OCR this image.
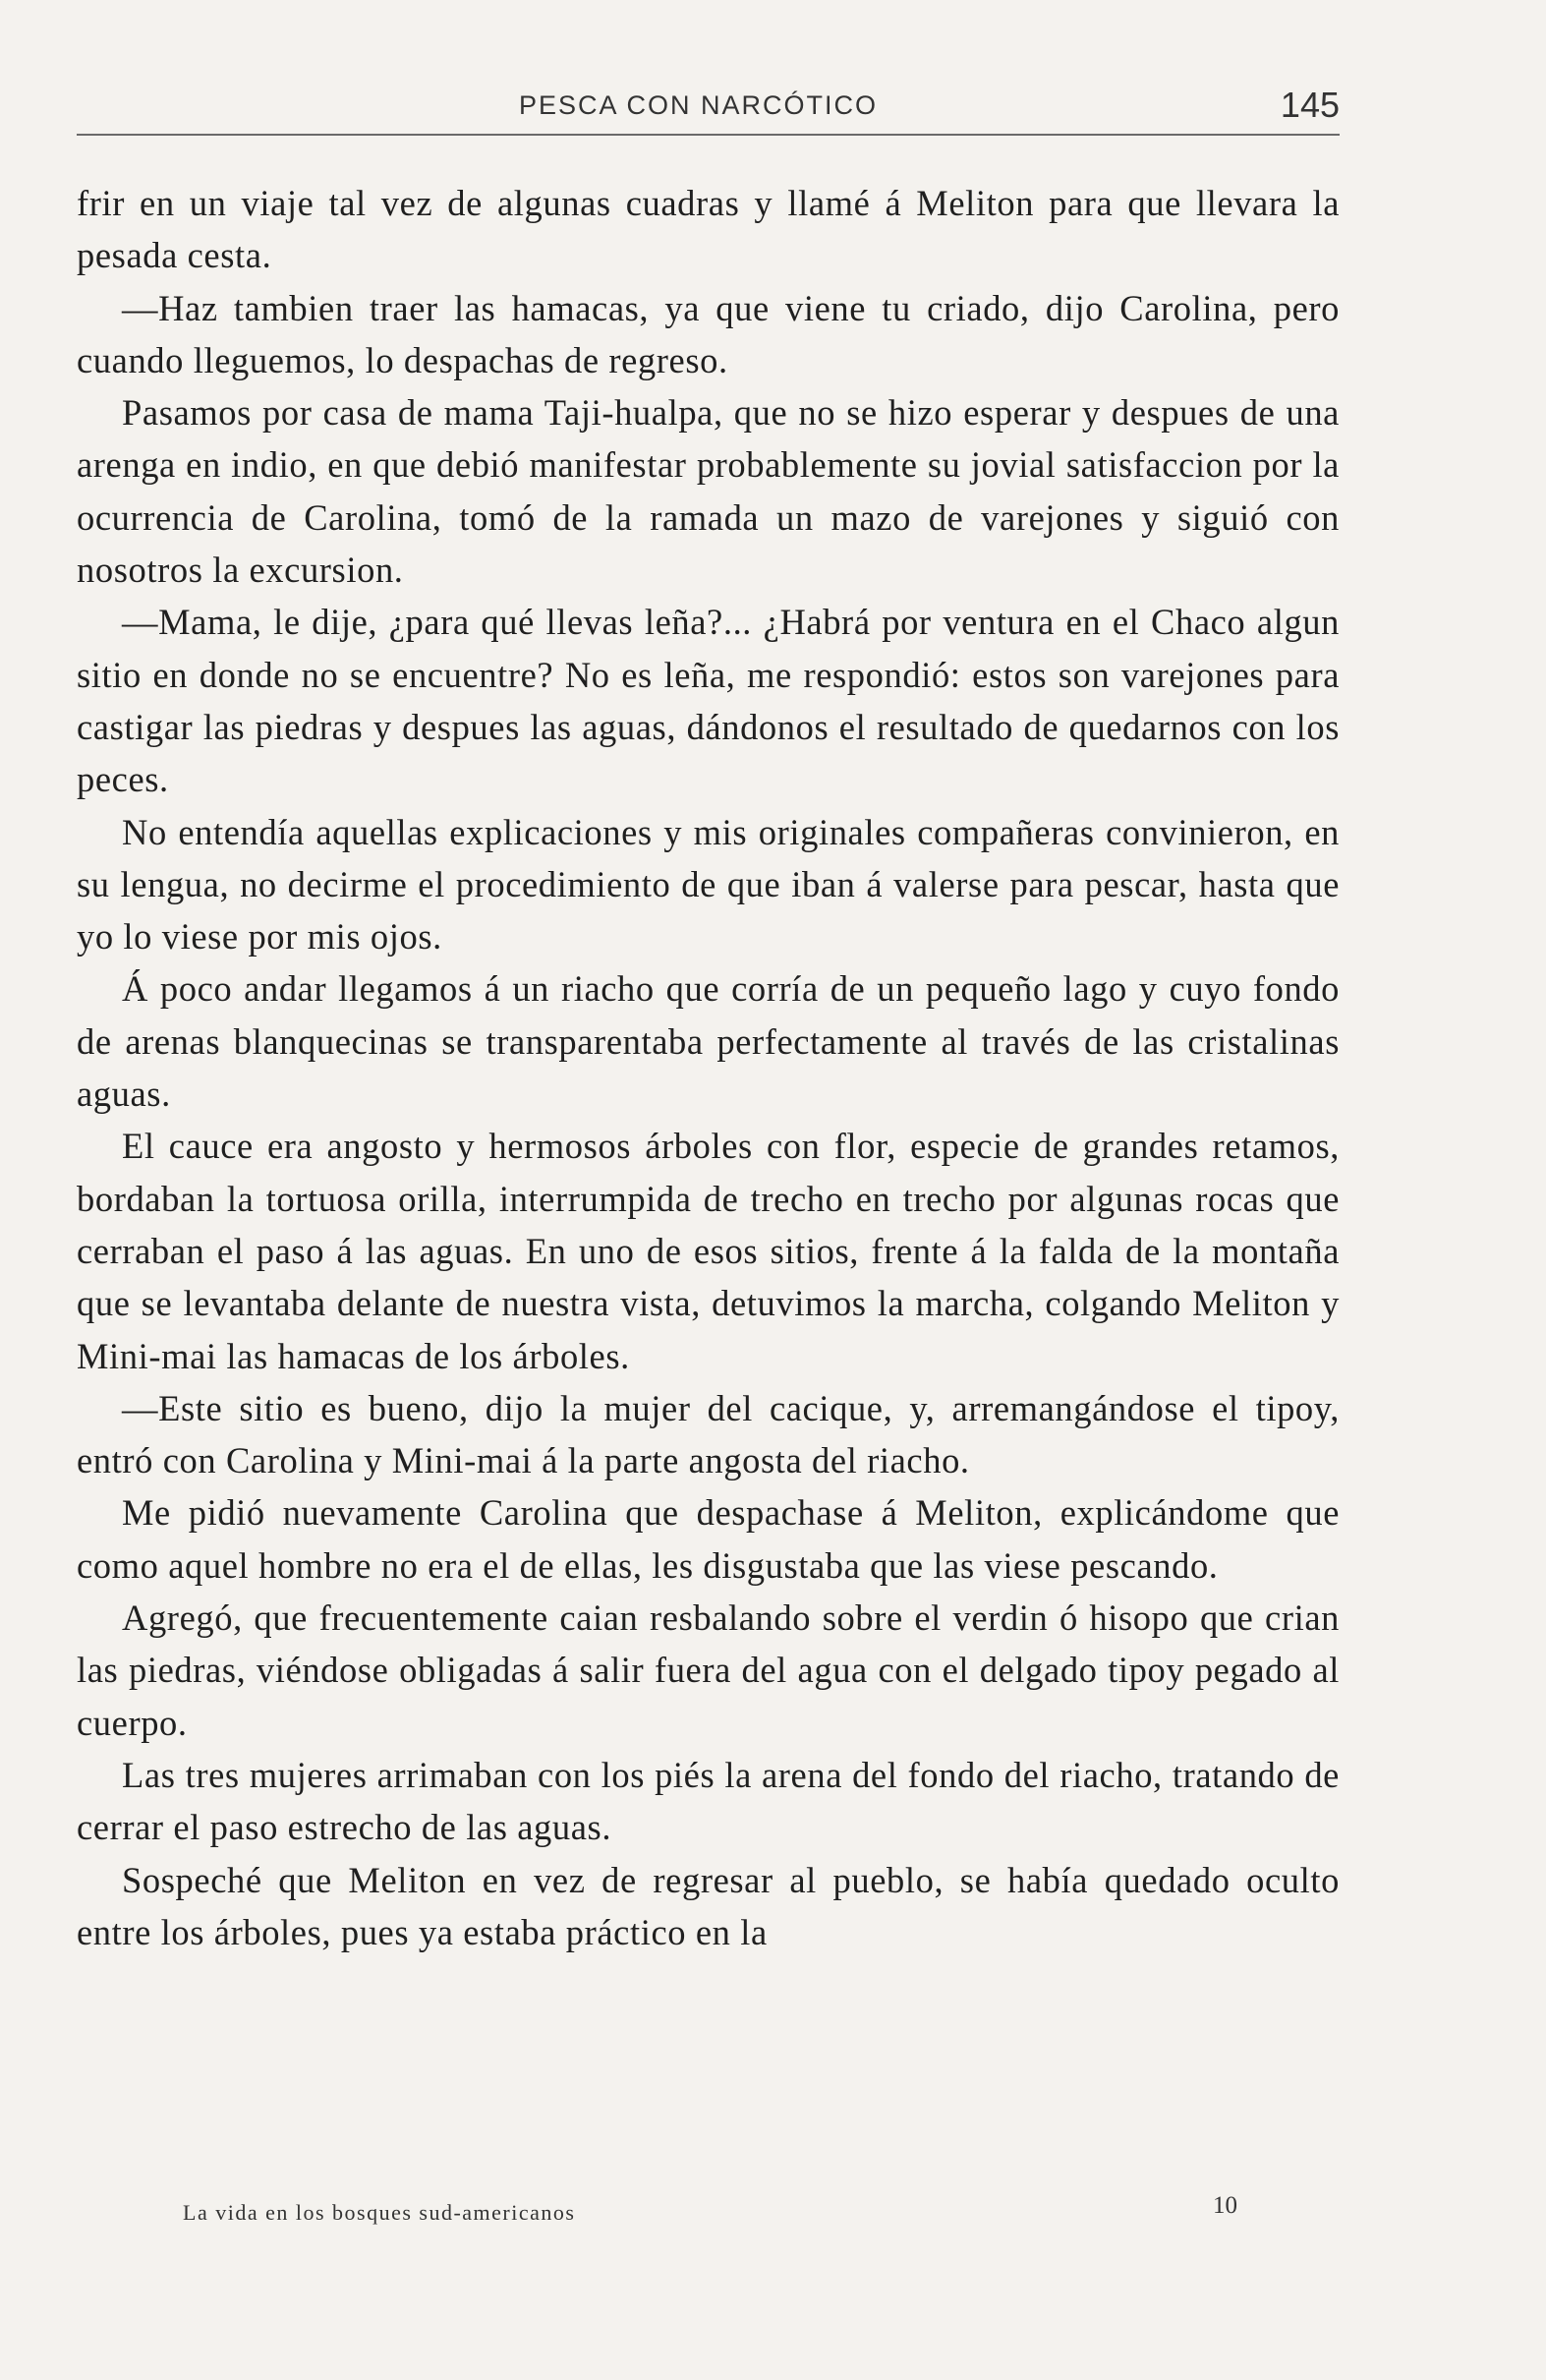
PESCA CON NARCÓTICO	145

frir en un viaje tal vez de algunas cuadras y llamé á Meliton para que llevara la pesada cesta.

—Haz tambien traer las hamacas, ya que viene tu criado, dijo Carolina, pero cuando lleguemos, lo despachas de regreso.

Pasamos por casa de mama Taji-hualpa, que no se hizo esperar y despues de una arenga en indio, en que debió manifestar probablemente su jovial satisfaccion por la ocurrencia de Carolina, tomó de la ramada un mazo de varejones y siguió con nosotros la excursion.

—Mama, le dije, ¿para qué llevas leña?... ¿Habrá por ventura en el Chaco algun sitio en donde no se encuentre? No es leña, me respondió: estos son varejones para castigar las piedras y despues las aguas, dándonos el resultado de quedarnos con los peces.

No entendía aquellas explicaciones y mis originales compañeras convinieron, en su lengua, no decirme el procedimiento de que iban á valerse para pescar, hasta que yo lo viese por mis ojos.

Á poco andar llegamos á un riacho que corría de un pequeño lago y cuyo fondo de arenas blanquecinas se transparentaba perfectamente al través de las cristalinas aguas.

El cauce era angosto y hermosos árboles con flor, especie de grandes retamos, bordaban la tortuosa orilla, interrumpida de trecho en trecho por algunas rocas que cerraban el paso á las aguas. En uno de esos sitios, frente á la falda de la montaña que se levantaba delante de nuestra vista, detuvimos la marcha, colgando Meliton y Mini-mai las hamacas de los árboles.

—Este sitio es bueno, dijo la mujer del cacique, y, arremangándose el tipoy, entró con Carolina y Mini-mai á la parte angosta del riacho.

Me pidió nuevamente Carolina que despachase á Meliton, explicándome que como aquel hombre no era el de ellas, les disgustaba que las viese pescando.

Agregó, que frecuentemente caian resbalando sobre el verdin ó hisopo que crian las piedras, viéndose obligadas á salir fuera del agua con el delgado tipoy pegado al cuerpo.

Las tres mujeres arrimaban con los piés la arena del fondo del riacho, tratando de cerrar el paso estrecho de las aguas.

Sospeché que Meliton en vez de regresar al pueblo, se había quedado oculto entre los árboles, pues ya estaba práctico en la

La vida en los bosques sud-americanos	10
